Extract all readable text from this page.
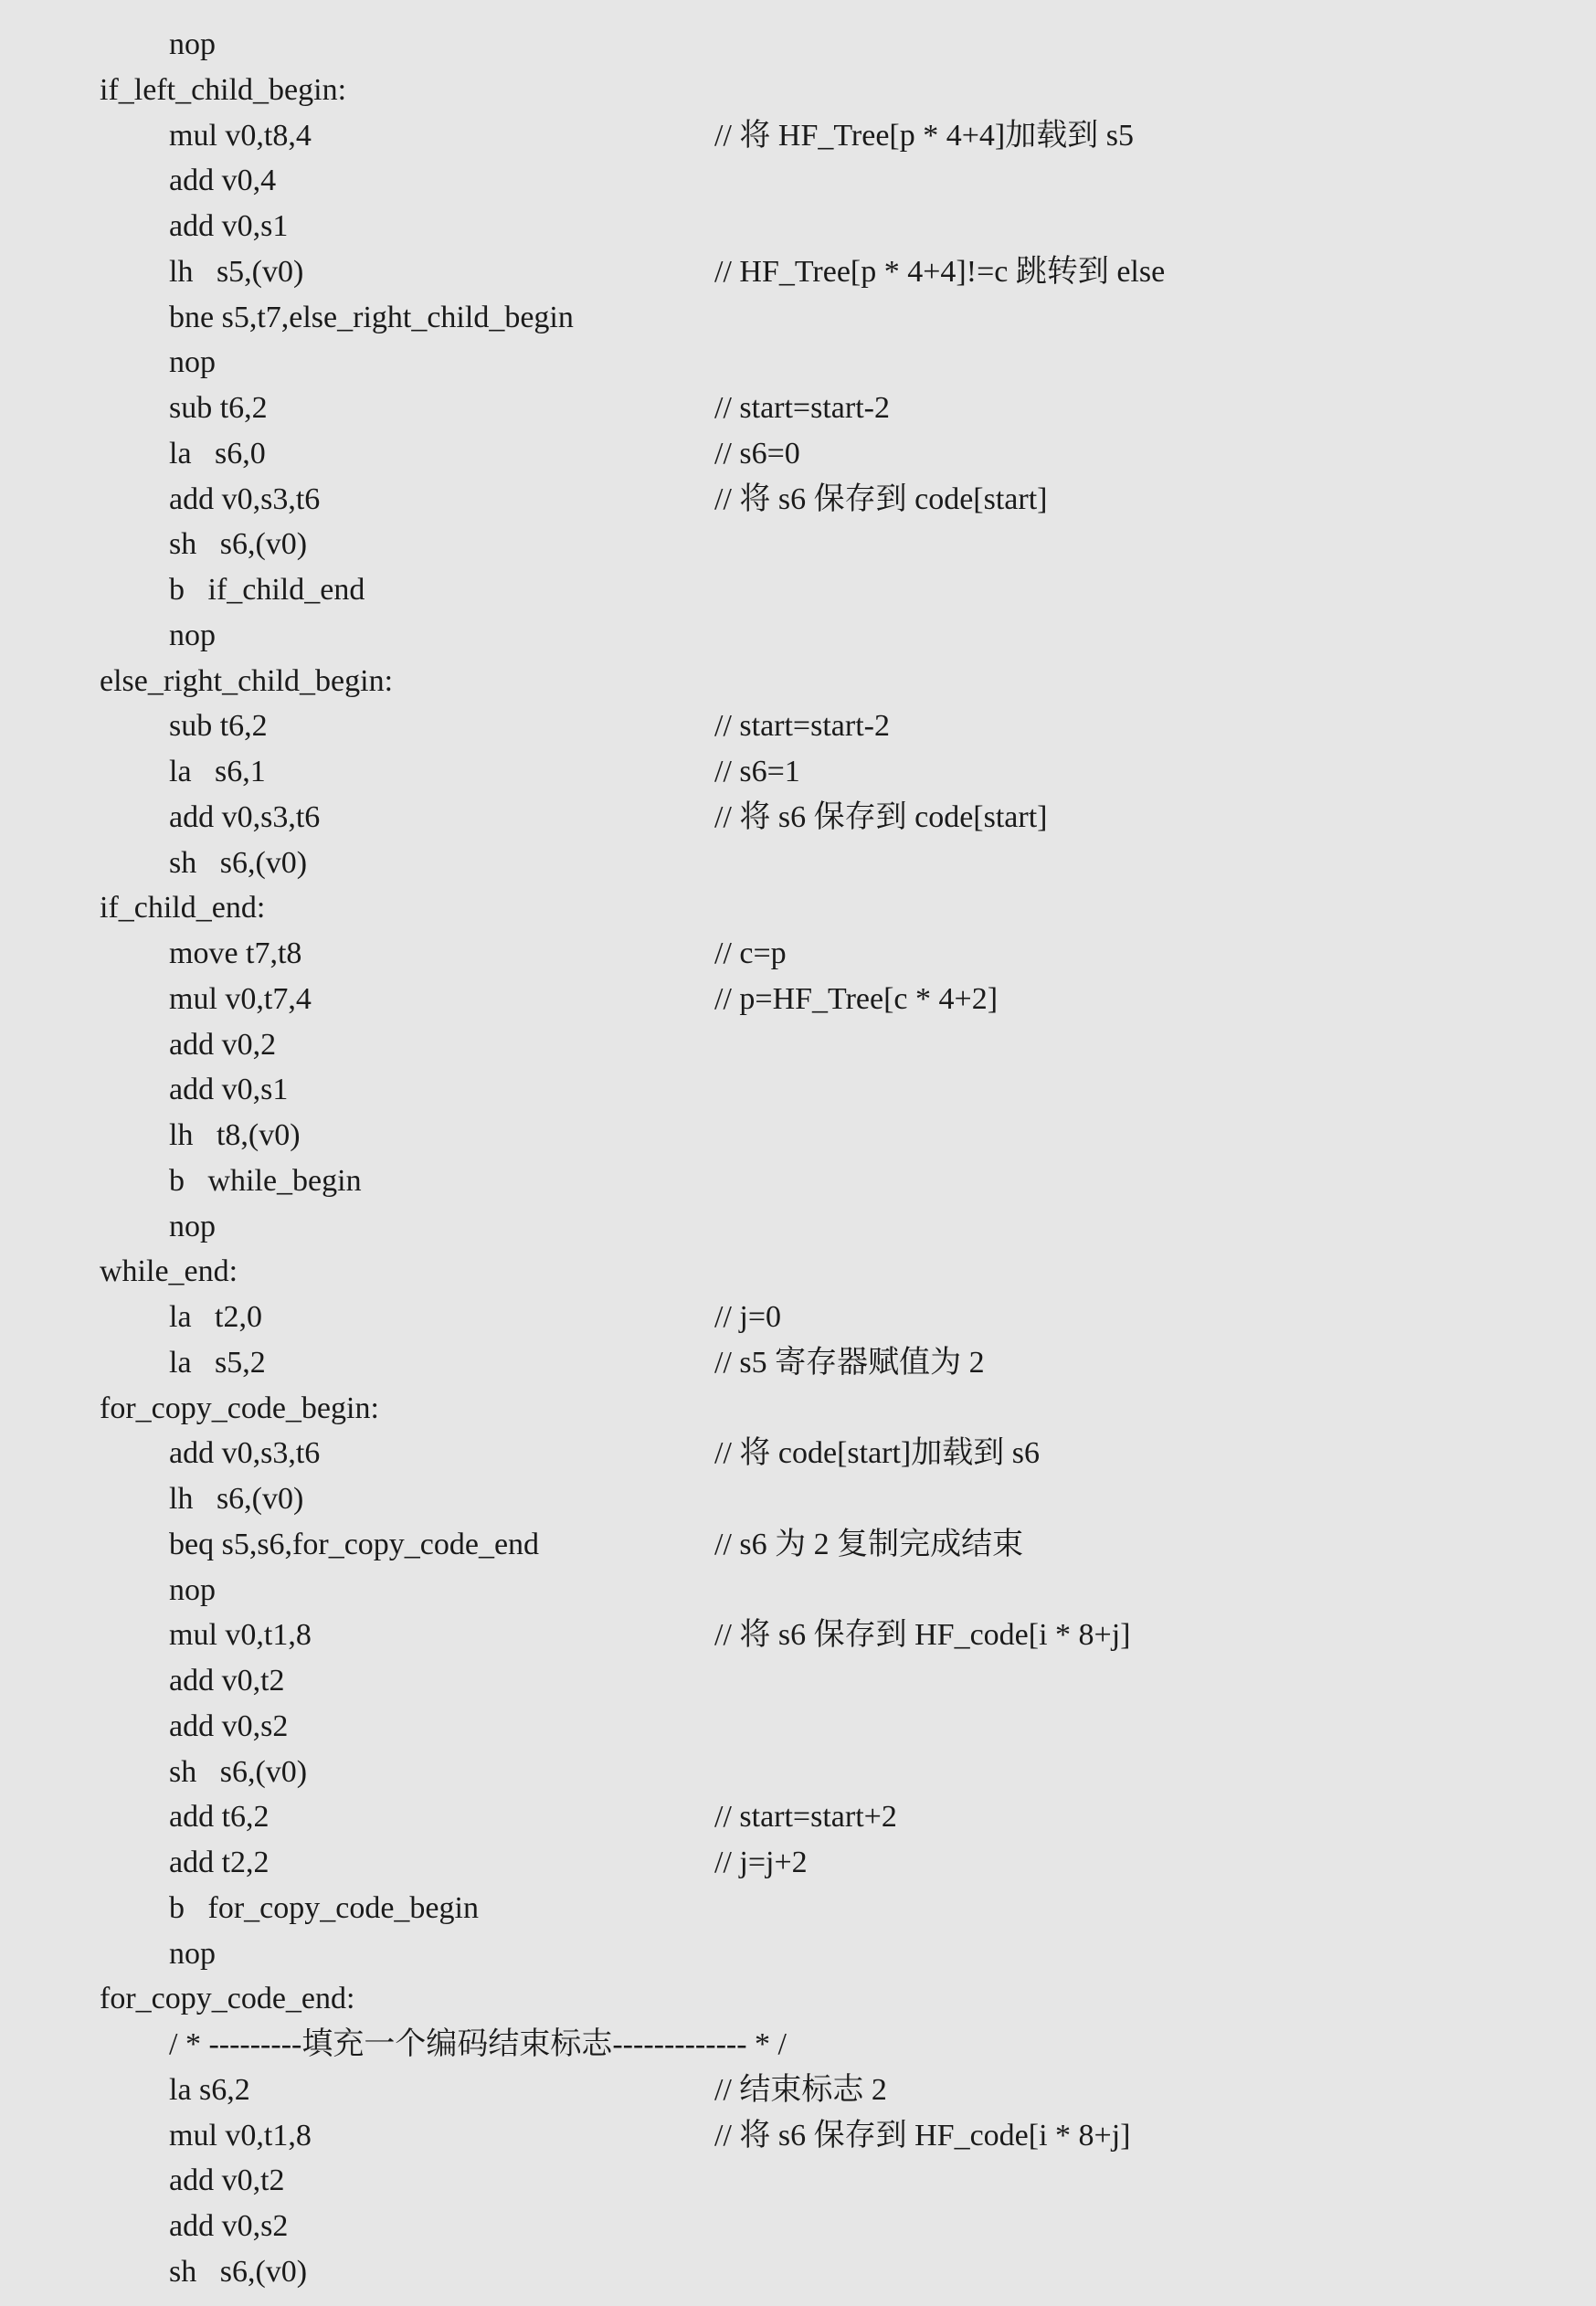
nop
if_left_child_begin:
mul v0,t8,4	// 将 HF_Tree[p * 4+4]加载到 s5
add v0,4
add v0,s1
lh   s5,(v0)	// HF_Tree[p * 4+4]!=c 跳转到 else
bne s5,t7,else_right_child_begin
nop
sub t6,2	// start=start-2
la   s6,0	// s6=0
add v0,s3,t6	// 将 s6 保存到 code[start]
sh   s6,(v0)
b   if_child_end
nop
else_right_child_begin:
sub t6,2	// start=start-2
la   s6,1	// s6=1
add v0,s3,t6	// 将 s6 保存到 code[start]
sh   s6,(v0)
if_child_end:
move t7,t8	// c=p
mul v0,t7,4	// p=HF_Tree[c * 4+2]
add v0,2
add v0,s1
lh   t8,(v0)
b   while_begin
nop
while_end:
la   t2,0	// j=0
la   s5,2	// s5 寄存器赋值为 2
for_copy_code_begin:
add v0,s3,t6	// 将 code[start]加载到 s6
lh   s6,(v0)
beq s5,s6,for_copy_code_end	// s6 为 2 复制完成结束
nop
mul v0,t1,8	// 将 s6 保存到 HF_code[i * 8+j]
add v0,t2
add v0,s2
sh   s6,(v0)
add t6,2	// start=start+2
add t2,2	// j=j+2
b   for_copy_code_begin
nop
for_copy_code_end:
/ * ---------填充一个编码结束标志------------- * /
la s6,2	// 结束标志 2
mul v0,t1,8	// 将 s6 保存到 HF_code[i * 8+j]
add v0,t2
add v0,s2
sh   s6,(v0)
